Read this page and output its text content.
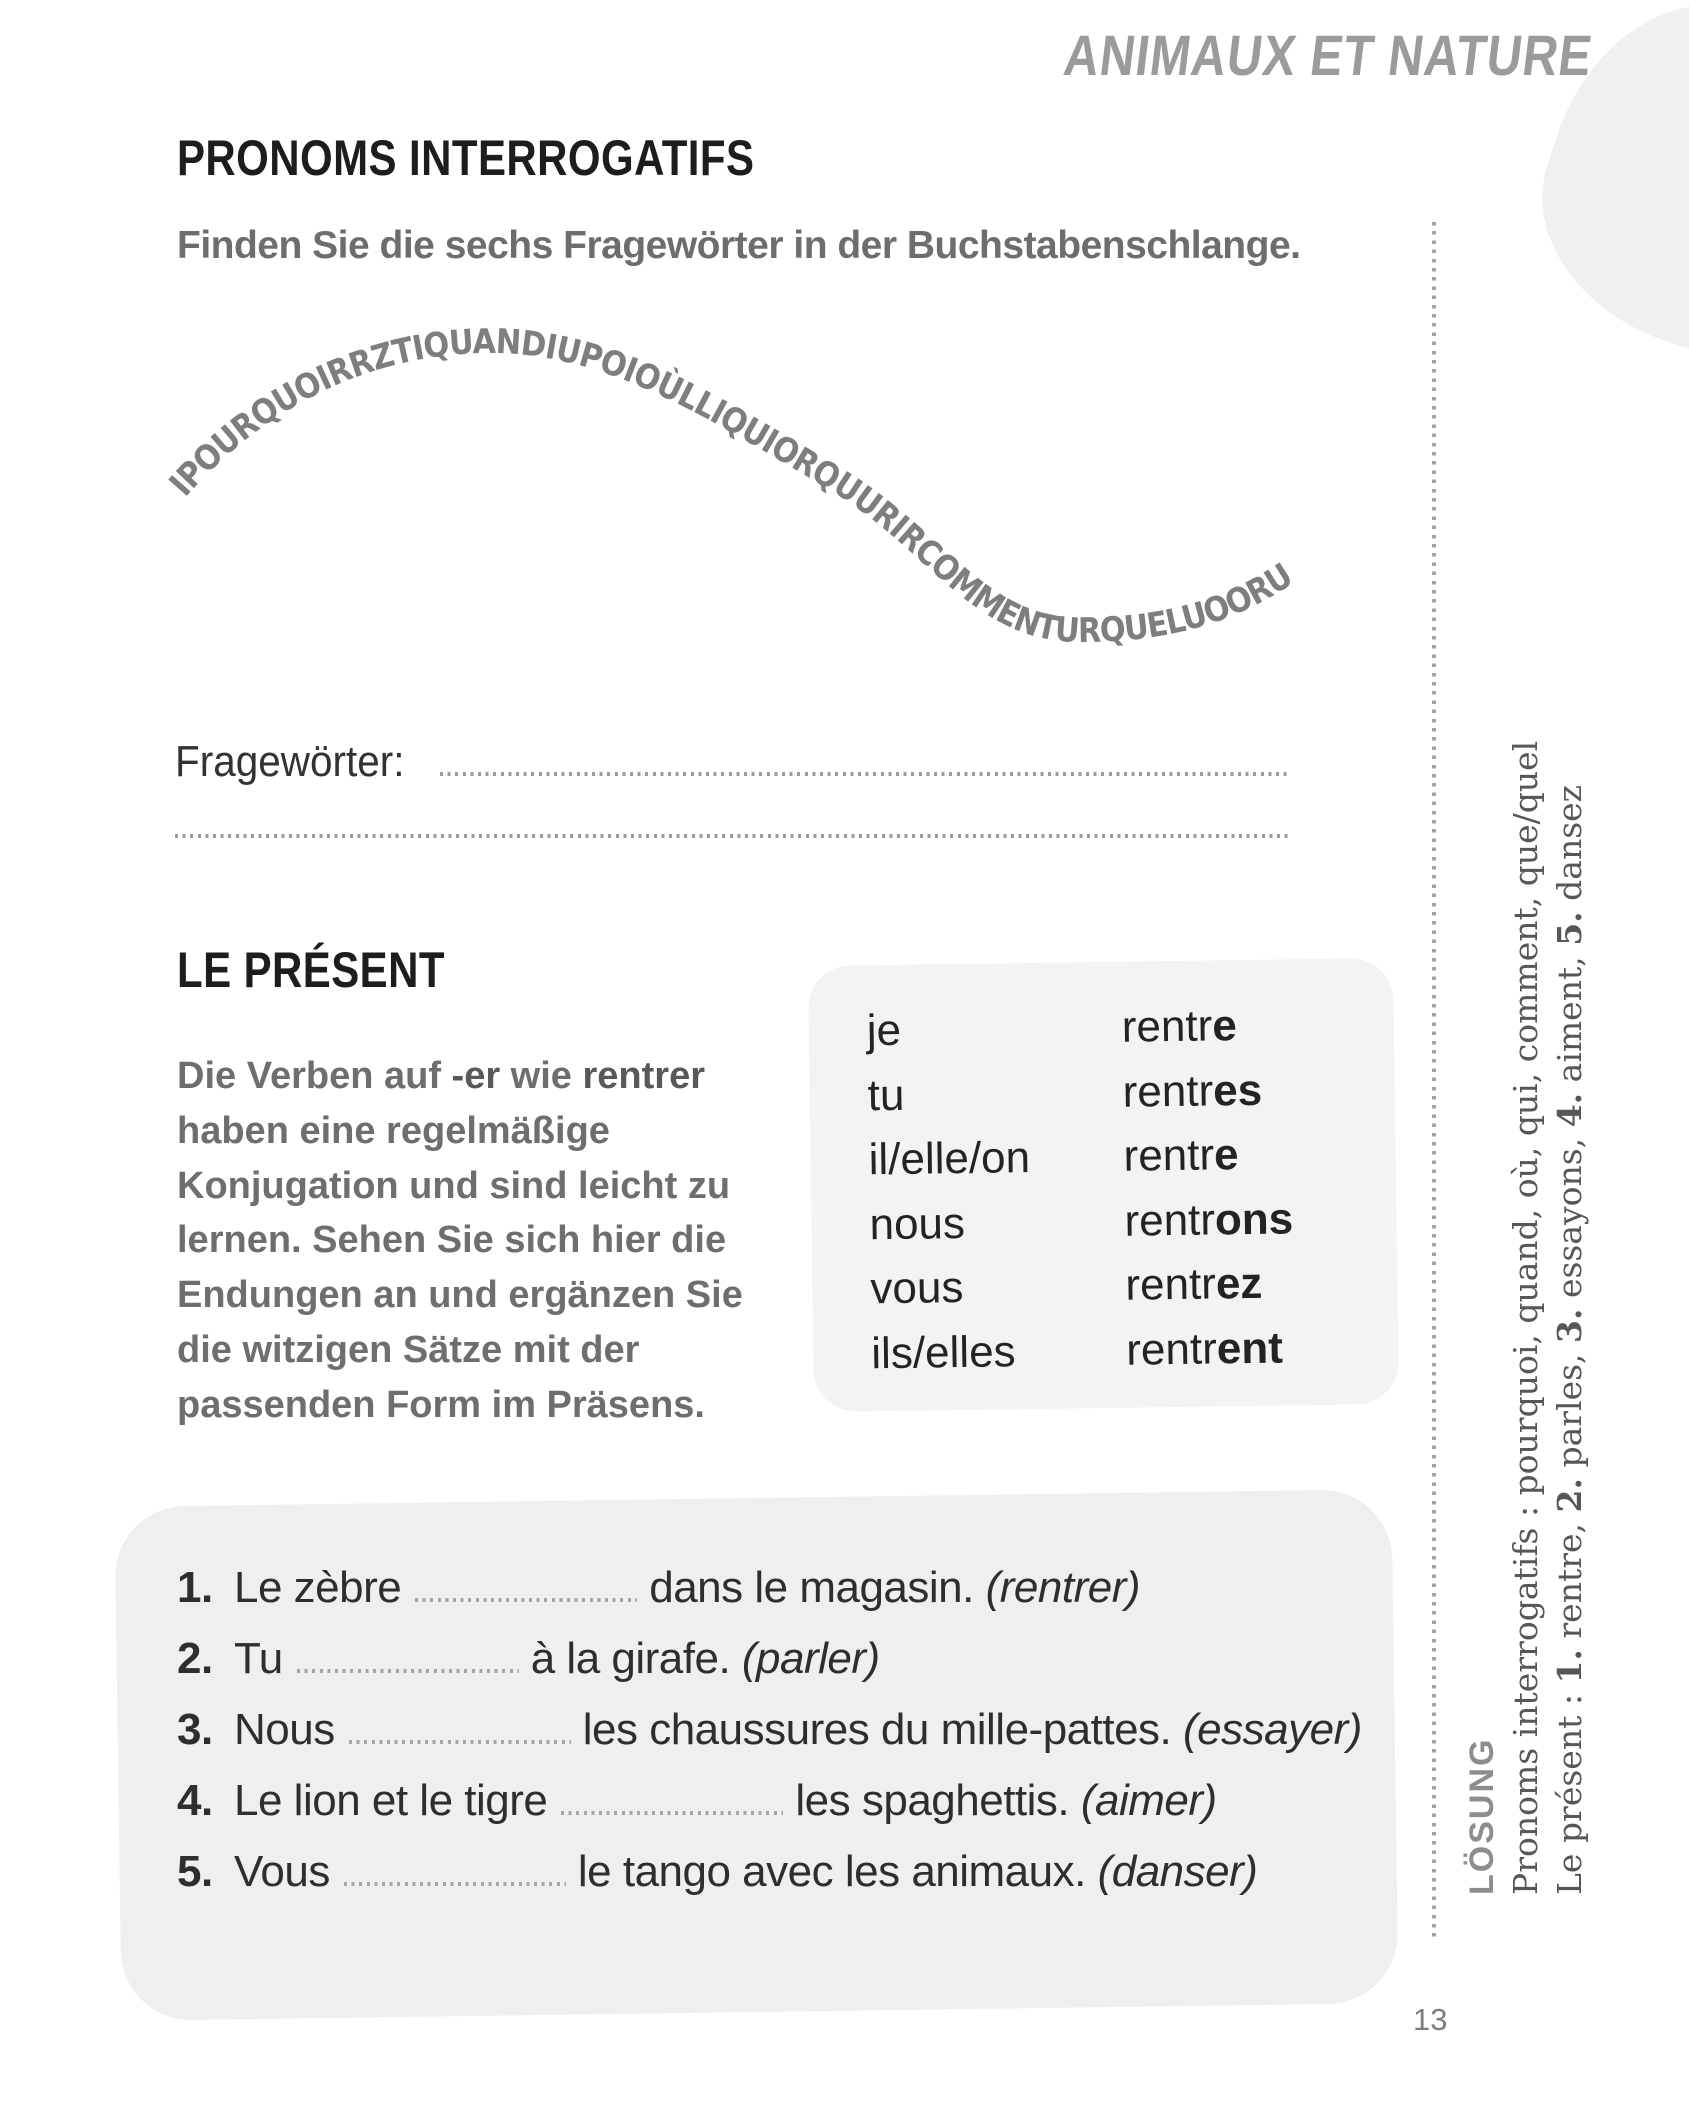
ANIMAUX ET NATURE
PRONOMS INTERROGATIFS
Finden Sie die sechs Fragewörter in der Buchstabenschlange.
IPOURQUOIRRZTIQUANDIUPOIOÙLLIQUIORQUURIRCOMMENTURQUELUOORU
Fragewörter:
LE PRÉSENT
Die Verben auf -er wie rentrer
haben eine regelmäßige
Konjugation und sind leicht zu
lernen. Sehen Sie sich hier die
Endungen an und ergänzen Sie
die witzigen Sätze mit der
passenden Form im Präsens.
je	rentre
tu	rentres
il/elle/on rentre
nous	rentrons
vous	rentrez
ils/elles	rentrent
1. Le zèbre	dans le magasin. (rentrer)
2. Tu	à la girafe. (parler)
3. Nous	les chaussures du mille-pattes. (essayer)
4. Le lion et le tigre	les spaghettis. (aimer)
5. Vous	le tango avec les animaux. (danser)	LÖSUNG Pronoms interrogatifs : pourquoi, quand, où, qui, comment, que/quel Le présent : 1. rentre, 2. parles, 3. essayons, 4. aiment, 5. dansez
13
